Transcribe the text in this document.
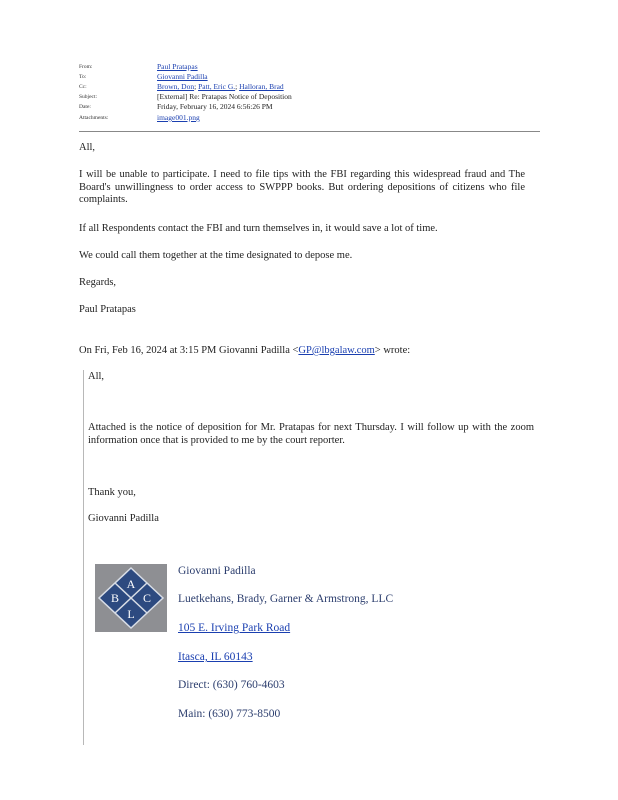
From:	Paul Pratapas
To:	Giovanni Padilla
Cc:	Brown, Don; Patt, Eric G.; Halloran, Brad
Subject:	[External] Re: Pratapas Notice of Deposition
Date:	Friday, February 16, 2024 6:56:26 PM
Attachments:	image001.png
All,
I will be unable to participate. I need to file tips with the FBI regarding this widespread fraud and The Board's unwillingness to order access to SWPPP books. But ordering depositions of citizens who file complaints.
If all Respondents contact the FBI and turn themselves in, it would save a lot of time.
We could call them together at the time designated to depose me.
Regards,
Paul Pratapas
On Fri, Feb 16, 2024 at 3:15 PM Giovanni Padilla <GP@lbgalaw.com> wrote:
All,
Attached is the notice of deposition for Mr. Pratapas for next Thursday. I will follow up with the zoom information once that is provided to me by the court reporter.
Thank you,
Giovanni Padilla
A
B C
L
Giovanni Padilla
Luetkehans, Brady, Garner & Armstrong, LLC
105 E. Irving Park Road
Itasca, IL 60143
Direct: (630) 760-4603
Main: (630) 773-8500
